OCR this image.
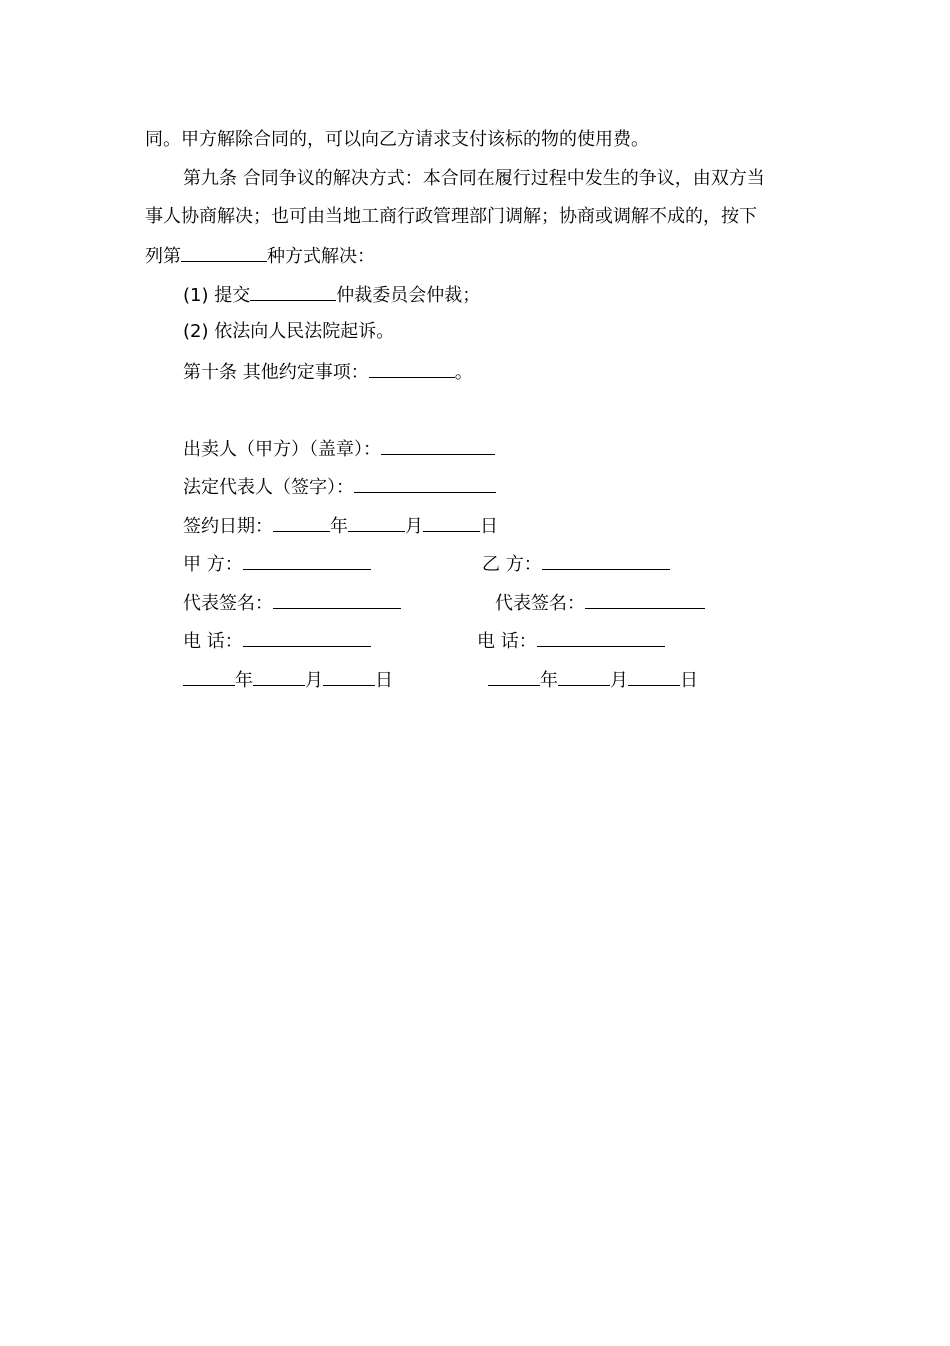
同。甲方解除合同的，可以向乙方请求支付该标的物的使用费。
第九条 合同争议的解决方式：本合同在履行过程中发生的争议，由双方当
事人协商解决；也可由当地工商行政管理部门调解；协商或调解不成的，按下
列第	种方式解决：
(1) 提交	仲裁委员会仲裁；
(2) 依法向人民法院起诉。
第十条 其他约定事项：	。
出卖人（甲方）（盖章）：
法定代表人（签字）：
签约日期：	年	月	日
甲 方：	乙 方：
代表签名：	代表签名：
电 话：	电 话：
年	月	日	年	月	日
